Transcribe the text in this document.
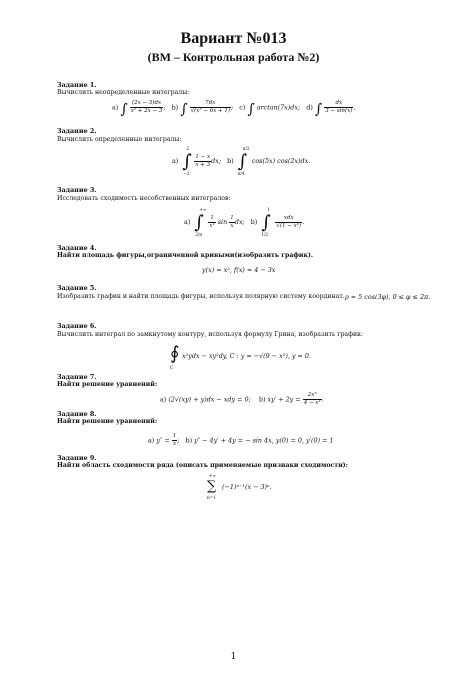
Вариант №013
(ВМ – Контрольная работа №2)
Задание 1.
Вычислить неопределенные интегралы:
a) ∫ $\frac{(2x - 3)dx}{\text{x² + 2x − 3}}$ ;   b) ∫ $\frac{7dx}{\text{√(x² − 6x + 1)}}$ ;   c) ∫ arctan(7x)dx;   d) ∫ $\frac{dx}{3 - \sin(x)}$ .
Задание 2.
Вычислить определенные интегралы:
a)
2
∫
−2

$\frac{1 - x}{x + 3}$ dx;   b)
π/2
∫
π/4
cos(5x) cos(2x)dx.
Задание 3.
Исследовать сходимость несобственных интегралов:
a)
+∞
∫
2/π

$\frac{1}{\text{x²}}$ $\sin \frac{1}{x}$ dx;   b)
1
∫
1/2

$\frac{\text{xdx}}{\text{√(1 − x²)}}$ .
Задание 4.
Найти площадь фигуры,ограниченной кривыми(изобразить график).
y(x) = x², f(x) = 4 − 3x
Задание 5.
Изобразить график и найти площадь фигуры, используя полярную систему координат. ρ = 5 cos(3φ), 0 ≤ φ ≤ 2π.
Задание 6.
Вычислить интеграл по замкнутому контуру, используя формулу Грина, изобразить график:
∮
C
x²ydx − xy²dy, C : y = −√(9 − x²), y = 0.
Задание 7.
Найти решение уравнений:
a) (2√(xy) + y)dx − xdy = 0;    b) $xy' + 2y = \frac{\text{2x⁵}}{\text{4 − x²}}$ .
Задание 8.
Найти решение уравнений:
a) $y'' = \frac{1}{x}$ ;   b) y″ − 4y′ + 4y = − sin 4x, y(0) = 0, y′(0) = 1
Задание 9.
Найти область сходимости ряда (описать применяемые признаки сходимости):
+∞
∑
n=1
(−1)ⁿ⁻¹(x − 3)ⁿ.
1
